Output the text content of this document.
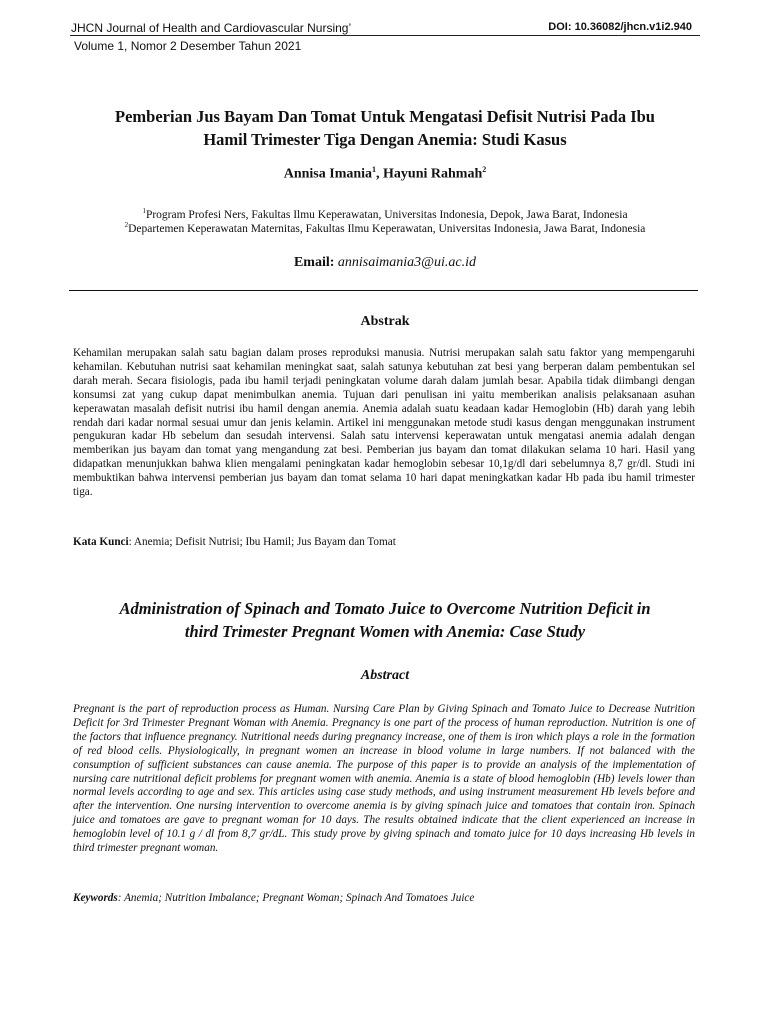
JHCN Journal of Health and Cardiovascular Nursing’	DOI: 10.36082/jhcn.v1i2.940
Volume 1, Nomor 2 Desember Tahun 2021
Pemberian Jus Bayam Dan Tomat Untuk Mengatasi Defisit Nutrisi Pada Ibu
Hamil Trimester Tiga Dengan Anemia: Studi Kasus
Annisa Imania$^1$, Hayuni Rahmah$^2$
$^1$Program Profesi Ners, Fakultas Ilmu Keperawatan, Universitas Indonesia, Depok, Jawa Barat, Indonesia
$^2$Departemen Keperawatan Maternitas, Fakultas Ilmu Keperawatan, Universitas Indonesia, Jawa Barat, Indonesia
Email: annisaimania3@ui.ac.id
Abstrak
Kehamilan merupakan salah satu bagian dalam proses reproduksi manusia. Nutrisi merupakan salah satu faktor yang mempengaruhi kehamilan. Kebutuhan nutrisi saat kehamilan meningkat saat, salah satunya kebutuhan zat besi yang berperan dalam pembentukan sel darah merah. Secara fisiologis, pada ibu hamil terjadi peningkatan volume darah dalam jumlah besar. Apabila tidak diimbangi dengan konsumsi zat yang cukup dapat menimbulkan anemia. Tujuan dari penulisan ini yaitu memberikan analisis pelaksanaan asuhan keperawatan masalah defisit nutrisi ibu hamil dengan anemia. Anemia adalah suatu keadaan kadar Hemoglobin (Hb) darah yang lebih rendah dari kadar normal sesuai umur dan jenis kelamin. Artikel ini menggunakan metode studi kasus dengan menggunakan instrument pengukuran kadar Hb sebelum dan sesudah intervensi. Salah satu intervensi keperawatan untuk mengatasi anemia adalah dengan memberikan jus bayam dan tomat yang mengandung zat besi. Pemberian jus bayam dan tomat dilakukan selama 10 hari. Hasil yang didapatkan menunjukkan bahwa klien mengalami peningkatan kadar hemoglobin sebesar 10,1g/dl dari sebelumnya 8,7 gr/dl. Studi ini membuktikan bahwa intervensi pemberian jus bayam dan tomat selama 10 hari dapat meningkatkan kadar Hb pada ibu hamil trimester tiga.
Kata Kunci: Anemia; Defisit Nutrisi; Ibu Hamil; Jus Bayam dan Tomat
Administration of Spinach and Tomato Juice to Overcome Nutrition Deficit in
third Trimester Pregnant Women with Anemia: Case Study
Abstract
Pregnant is the part of reproduction process as Human. Nursing Care Plan by Giving Spinach and Tomato Juice to Decrease Nutrition Deficit for 3rd Trimester Pregnant Woman with Anemia. Pregnancy is one part of the process of human reproduction. Nutrition is one of the factors that influence pregnancy. Nutritional needs during pregnancy increase, one of them is iron which plays a role in the formation of red blood cells. Physiologically, in pregnant women an increase in blood volume in large numbers. If not balanced with the consumption of sufficient substances can cause anemia. The purpose of this paper is to provide an analysis of the implementation of nursing care nutritional deficit problems for pregnant women with anemia. Anemia is a state of blood hemoglobin (Hb) levels lower than normal levels according to age and sex. This articles using case study methods, and using instrument measurement Hb levels before and after the intervention. One nursing intervention to overcome anemia is by giving spinach juice and tomatoes that contain iron. Spinach juice and tomatoes are gave to pregnant woman for 10 days. The results obtained indicate that the client experienced an increase in hemoglobin level of 10.1 g / dl from 8,7 gr/dL. This study prove by giving spinach and tomato juice for 10 days increasing Hb levels in third trimester pregnant woman.
Keywords: Anemia; Nutrition Imbalance; Pregnant Woman; Spinach And Tomatoes Juice
